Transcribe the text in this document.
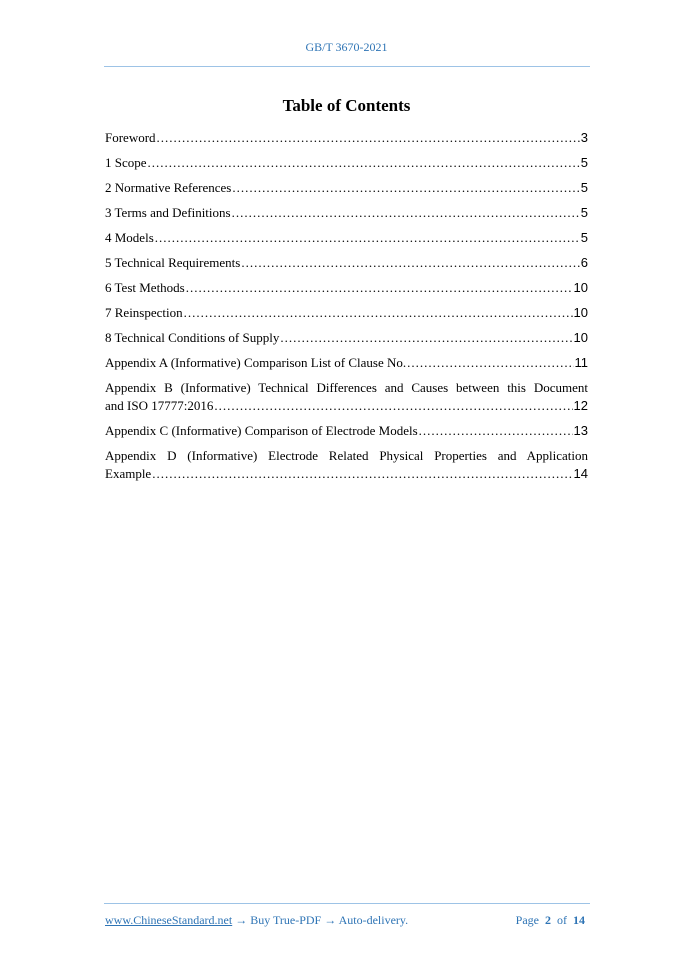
GB/T 3670-2021
Table of Contents
Foreword .....	3
1 Scope .....	5
2 Normative References .....	5
3 Terms and Definitions .....	5
4 Models .....	5
5 Technical Requirements .....	6
6 Test Methods .....	10
7 Reinspection .....	10
8 Technical Conditions of Supply .....	10
Appendix A (Informative) Comparison List of Clause No. .....	11
Appendix B (Informative) Technical Differences and Causes between this Document
and ISO 17777:2016 .....	12
Appendix C (Informative) Comparison of Electrode Models .....	13
Appendix D (Informative) Electrode Related Physical Properties and Application
Example .....	14
www.ChineseStandard.net → Buy True-PDF → Auto-delivery.	Page 2 of 14
